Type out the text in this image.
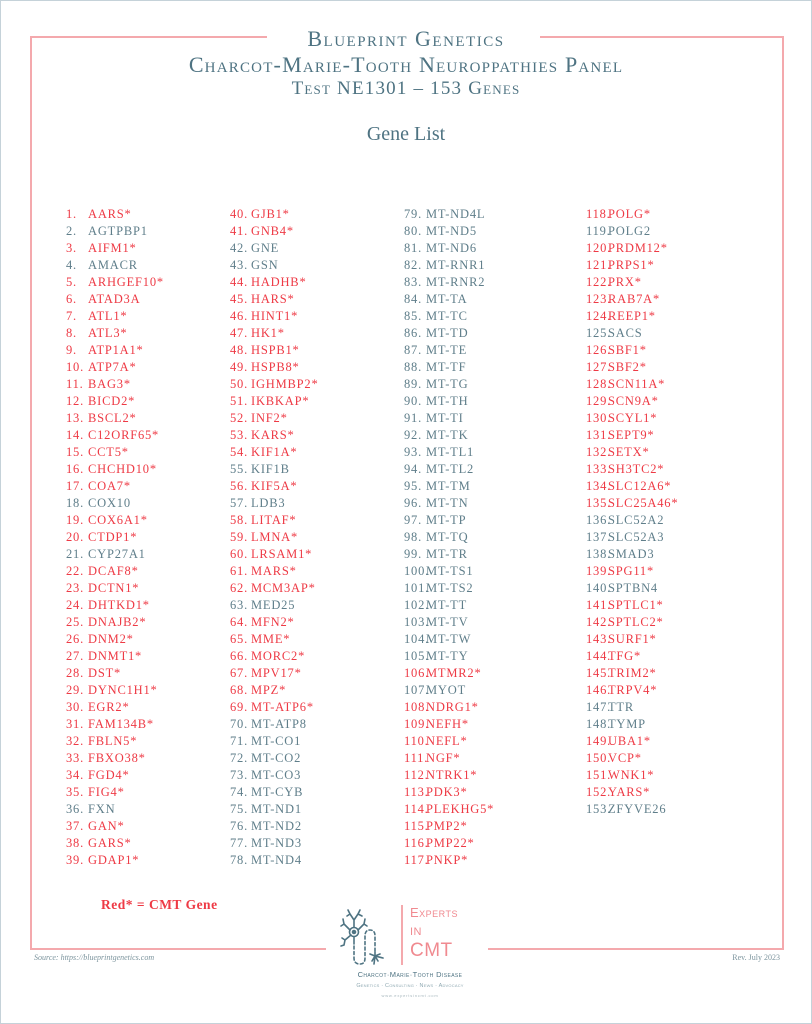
Blueprint Genetics
Charcot-Marie-Tooth Neuroppathies Panel
Test NE1301 – 153 Genes
Gene List
1. AARS*
2. AGTPBP1
3. AIFM1*
4. AMACR
5. ARHGEF10*
6. ATAD3A
7. ATL1*
8. ATL3*
9. ATP1A1*
10. ATP7A*
11. BAG3*
12. BICD2*
13. BSCL2*
14. C12ORF65*
15. CCT5*
16. CHCHD10*
17. COA7*
18. COX10
19. COX6A1*
20. CTDP1*
21. CYP27A1
22. DCAF8*
23. DCTN1*
24. DHTKD1*
25. DNAJB2*
26. DNM2*
27. DNMT1*
28. DST*
29. DYNC1H1*
30. EGR2*
31. FAM134B*
32. FBLN5*
33. FBXO38*
34. FGD4*
35. FIG4*
36. FXN
37. GAN*
38. GARS*
39. GDAP1*
40. GJB1*
41. GNB4*
42. GNE
43. GSN
44. HADHB*
45. HARS*
46. HINT1*
47. HK1*
48. HSPB1*
49. HSPB8*
50. IGHMBP2*
51. IKBKAP*
52. INF2*
53. KARS*
54. KIF1A*
55. KIF1B
56. KIF5A*
57. LDB3
58. LITAF*
59. LMNA*
60. LRSAM1*
61. MARS*
62. MCM3AP*
63. MED25
64. MFN2*
65. MME*
66. MORC2*
67. MPV17*
68. MPZ*
69. MT-ATP6*
70. MT-ATP8
71. MT-CO1
72. MT-CO2
73. MT-CO3
74. MT-CYB
75. MT-ND1
76. MT-ND2
77. MT-ND3
78. MT-ND4
79. MT-ND4L
80. MT-ND5
81. MT-ND6
82. MT-RNR1
83. MT-RNR2
84. MT-TA
85. MT-TC
86. MT-TD
87. MT-TE
88. MT-TF
89. MT-TG
90. MT-TH
91. MT-TI
92. MT-TK
93. MT-TL1
94. MT-TL2
95. MT-TM
96. MT-TN
97. MT-TP
98. MT-TQ
99. MT-TR
100.MT-TS1
101.MT-TS2
102.MT-TT
103.MT-TV
104.MT-TW
105.MT-TY
106.MTMR2*
107.MYOT
108.NDRG1*
109.NEFH*
110.NEFL*
111.NGF*
112.NTRK1*
113.PDK3*
114.PLEKHG5*
115.PMP2*
116.PMP22*
117.PNKP*
118.POLG*
119.POLG2
120.PRDM12*
121.PRPS1*
122.PRX*
123.RAB7A*
124.REEP1*
125.SACS
126.SBF1*
127.SBF2*
128.SCN11A*
129.SCN9A*
130.SCYL1*
131.SEPT9*
132.SETX*
133.SH3TC2*
134.SLC12A6*
135.SLC25A46*
136.SLC52A2
137.SLC52A3
138.SMAD3
139.SPG11*
140.SPTBN4
141.SPTLC1*
142.SPTLC2*
143.SURF1*
144.TFG*
145.TRIM2*
146.TRPV4*
147.TTR
148.TYMP
149.UBA1*
150.VCP*
151.WNK1*
152.YARS*
153.ZFYVE26
Red* = CMT Gene
Source: https://blueprintgenetics.com	Rev. July 2023
Experts
IN
CMT
Charcot·Marie·Tooth Disease
Genetics · Consulting · News · Advocacy
www.expertsincmt.com
